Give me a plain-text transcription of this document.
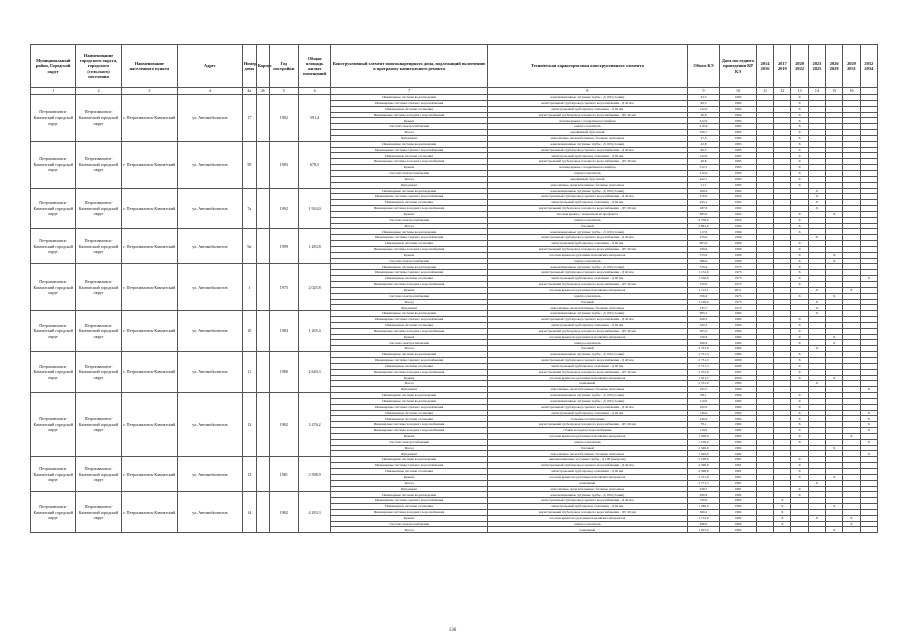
Муниципальный район, Городской округ	Наименование городского округа, городского (сельского) поселения	Наименование населенного пункта	Адрес	Номер дома	Корпус	Год постройки	Общая площадь жилых помещений	Конструктивный элемент многоквартирного дома, подлежащий включению в программу капитального ремонта	Техническая характеристика конструктивного элемента	Объем КЭ	Дата последнего проведения КР КЭ	2014 2016	2017 2019	2020 2022	2023 2025	2026 2028	2029 2031	2032 2034
1	2	3	4	4а	4б	5	6	7	8	9	10	11	12	13	14	15	16	
Петропавловск-Камчатский городской округ	Петропавловск-Камчатский городской округ	г. Петропавловск-Камчатский	ул. Автомобилистов	17		1982	591,4	Инженерные системы водоотведения	канализационные чугунные трубы - Д 100 (стояки)	43,3	1982			X				
								Инженерные системы горячего водоснабжения	магистральный трубопровод горячего водоснабжения - Д 40 мм	96,3	1982			X				
								Инженерные системы отопления	магистральный трубопровод отопления - Д 40 мм	152,0	1982			X				
								Инженерные системы холодного водоснабжения	магистральный трубопровод холодного водоснабжения - ДУ 40 мм	46,8	1982			X				
								Крыша	скатная крыша с покрытием из шифера	412,9	1982			X				
								Система электроснабжения	электроосветитель	210,9	1982			X				
								Фасад	деревянный, брусчатый	326,7	1982			X				
								Фундамент	монолитные, железобетонные, блочные ленточные	37,3	1982			X				
Петропавловск-Камчатский городской округ	Петропавловск-Камчатский городской округ	г. Петропавловск-Камчатский	ул. Автомобилистов	58		1983	678,5	Инженерные системы водоотведения	канализационные чугунные трубы - Д 100 (стояки)	43,8	1983			X				
								Инженерные системы горячего водоснабжения	магистральный трубопровод горячего водоснабжения - Д 40 мм	96,3	1983			X				
								Инженерные системы отопления	магистральный трубопровод отопления - Д 40 мм	152,0	1983			X				
								Инженерные системы холодного водоснабжения	магистральный трубопровод холодного водоснабжения - ДУ 40 мм	46,8	1983			X				
								Крыша	скатная крыша с покрытием из шифера	512,1	1983			X				
								Система электроснабжения	электроосветитель	210,9	1983			X				
								Фасад	деревянный, брусчатый	422,1	1983			X				
								Фундамент	монолитные, железобетонные, блочные ленточные	71,7	1983			X				
Петропавловск-Камчатский городской округ	Петропавловск-Камчатский городской округ	г. Петропавловск-Камчатский	ул. Автомобилистов	7а		1992	1 924,0	Инженерные системы водоотведения	канализационные чугунные трубы - Д 100 (стояки)	369,0	1992				X			
								Инженерные системы горячего водоснабжения	магистральный трубопровод горячего водоснабжения - Д 40 мм	270,0	1992				X			
								Инженерные системы отопления	магистральный трубопровод отопления - Д 40 мм	245,1	1992				X			
								Инженерные системы холодного водоснабжения	магистральный трубопровод холодного водоснабжения - ДУ 40 мм	187,0	1992				X			
								Крыша	плоская крыша с покрытием из профлиста	685,0	1992			X		X		
								Система электроснабжения	электроосветитель	2 756,0	1992			X				
								Фасад	блочный	2 861,0	1992			X				
Петропавловск-Камчатский городской округ	Петропавловск-Камчатский городской округ	г. Петропавловск-Камчатский	ул. Автомобилистов	9а		1999	1 283,8	Инженерные системы водоотведения	канализационные чугунные трубы - Д 100 (стояки)	117,0	1999			X				
								Инженерные системы горячего водоснабжения	магистральный трубопровод горячего водоснабжения - Д 40 мм	276,0	1999				X			
								Инженерные системы отопления	магистральный трубопровод отопления - Д 40 мм	903,0	1999			X				
								Инженерные системы холодного водоснабжения	магистральный трубопровод холодного водоснабжения - ДУ 40 мм	109,0	1999			X				
								Крыша	плоская крыша из рулонных или мягких материалов	515,0	1999			X		X		
								Система электроснабжения	электроосветитель	386,0	1999			X		X		
Петропавловск-Камчатский городской округ	Петропавловск-Камчатский городской округ	г. Петропавловск-Камчатский	ул. Автомобилистов	1		1975	2 025,8	Инженерные системы водоотведения	канализационные чугунные трубы - Д 100 (стояки)	576,0	1975			X				
								Инженерные системы горячего водоснабжения	магистральный трубопровод горячего водоснабжения - Д 40 мм	1 152,0	1975			X				
								Инженерные системы отопления	магистральный трубопровод отопления - Д 40 мм	1 536,0	1975			X				X
								Инженерные системы холодного водоснабжения	магистральный трубопровод холодного водоснабжения - ДУ 40 мм	159,0	1975			X				
								Крыша	плоская крыша из рулонных или мягких материалов	1 112,1	2011				X		X	
								Система электроснабжения	электроосветитель	356,0	1975			X		X		
								Фасад	блочный	3 199,0	1975				X			
								Фундамент	монолитные, железобетонные, блочные ленточные	235,7	1975				X			
Петропавловск-Камчатский городской округ	Петропавловск-Камчатский городской округ	г. Петропавловск-Камчатский	ул. Автомобилистов	10		1984	1 265,4	Инженерные системы водоотведения	канализационные чугунные трубы - Д 100 (стояки)	965,5	1984				X			
								Инженерные системы горячего водоснабжения	магистральный трубопровод горячего водоснабжения - Д 40 мм	326,3	1984			X				
								Инженерные системы отопления	магистральный трубопровод отопления - Д 40 мм	320,3	1984			X				
								Инженерные системы холодного водоснабжения	магистральный трубопровод холодного водоснабжения - ДУ 40 мм	205,5	1984			X				
								Крыша	плоская крыша из рулонных или мягких материалов	720,9	1984			X		X		
								Система электроснабжения	электроосветитель	360,9	1984			X		X		
								Фасад	блочный	2 723,9	1984				X			
Петропавловск-Камчатский городской округ	Петропавловск-Камчатский городской округ	г. Петропавловск-Камчатский	ул. Автомобилистов	11		1980	2 640,3	Инженерные системы водоотведения	канализационные чугунные трубы - Д 100 (стояки)	2 731,3	1980			X				
								Инженерные системы горячего водоснабжения	магистральный трубопровод горячего водоснабжения - Д 40 мм	2 731,3	2009			X				
								Инженерные системы отопления	магистральный трубопровод отопления - Д 40 мм	2 731,3	2009			X				
								Инженерные системы холодного водоснабжения	магистральный трубопровод холодного водоснабжения - ДУ 40 мм	2 232,0	1997			X				
								Крыша	плоская крыша из рулонных или мягких материалов	1 501,5	2009			X		X		
								Фасад	панельный	2 701,0	1980				X			
								Фундамент	монолитные, железобетонные, блочные ленточные	195,7	1980							X
Петропавловск-Камчатский городской округ	Петропавловск-Камчатский городской округ	г. Петропавловск-Камчатский	ул. Автомобилистов	12		1982	2 476,2	Инженерные системы водоотведения	канализационные чугунные трубы - Д 100 (стояки)	98,1	1982			X				
								Инженерные системы водоотведения	канализационные чугунные трубы - Д 100 (стояки)	110,0	1982			X				
								Инженерные системы горячего водоснабжения	магистральный трубопровод горячего водоснабжения - Д 40 мм	102,0	1982			X				
								Инженерные системы отопления	магистральный трубопровод отопления - Д 40 мм	136,0	1982			X				X
								Инженерные системы отопления	стальные отопительные	136,0	1982			X				X
								Инженерные системы холодного водоснабжения	магистральный трубопровод холодного водоснабжения - ДУ 40 мм	78,1	1982			X				X
								Инженерные системы холодного водоснабжения	стояки холодного водоснабжения	110,0	1982			X				X
								Крыша	плоская крыша из рулонных или мягких материалов	1 300,0	1982			X			X	
								Система электроснабжения	электроосветитель	1 109,0	1982			X				X
								Фасад	блочный	2 346,0	1982					X		
								Фундамент	монолитные, железобетонные, блочные ленточные	1 049,0	1982							X
Петропавловск-Камчатский городской округ	Петропавловск-Камчатский городской округ	г. Петропавловск-Камчатский	ул. Автомобилистов	13		1981	3 398,9	Инженерные системы водоотведения	канализационные чугунные трубы - Д 100 (выпуски)	5 198,9	1981			X				
								Инженерные системы горячего водоснабжения	магистральный трубопровод горячего водоснабжения - Д 40 мм	4 399,9	1981			X				
								Инженерные системы отопления	магистральный трубопровод отопления - Д 40 мм	4 398,9	1981			X				
								Крыша	плоская крыша из рулонных или мягких материалов	2 721,0	1981			X		X		
								Фасад	панельный	2 771,3	1981				X			
								Фундамент	монолитные, железобетонные, блочные ленточные	328,7	1981			X				
Петропавловск-Камчатский городской округ	Петропавловск-Камчатский городской округ	г. Петропавловск-Камчатский	ул. Автомобилистов	14		1982	4 283,3	Инженерные системы водоотведения	канализационные чугунные трубы - Д 100 (стояки)	390,0	1982			X				
								Инженерные системы горячего водоснабжения	магистральный трубопровод горячего водоснабжения - Д 40 мм	720,0	1982		X					
								Инженерные системы отопления	магистральный трубопровод отопления - Д 40 мм	1 289,0	1982		X			X		
								Инженерные системы холодного водоснабжения	магистральный трубопровод холодного водоснабжения - ДУ 40 мм	360,0	1982		X					
								Крыша	плоская крыша из рулонных или мягких материалов	1 132,0	1982		X		X		X	
								Система электроснабжения	электроосветитель	496,0	1982		X				X	
								Фасад	панельный	1 025,2	1982					X		
136
